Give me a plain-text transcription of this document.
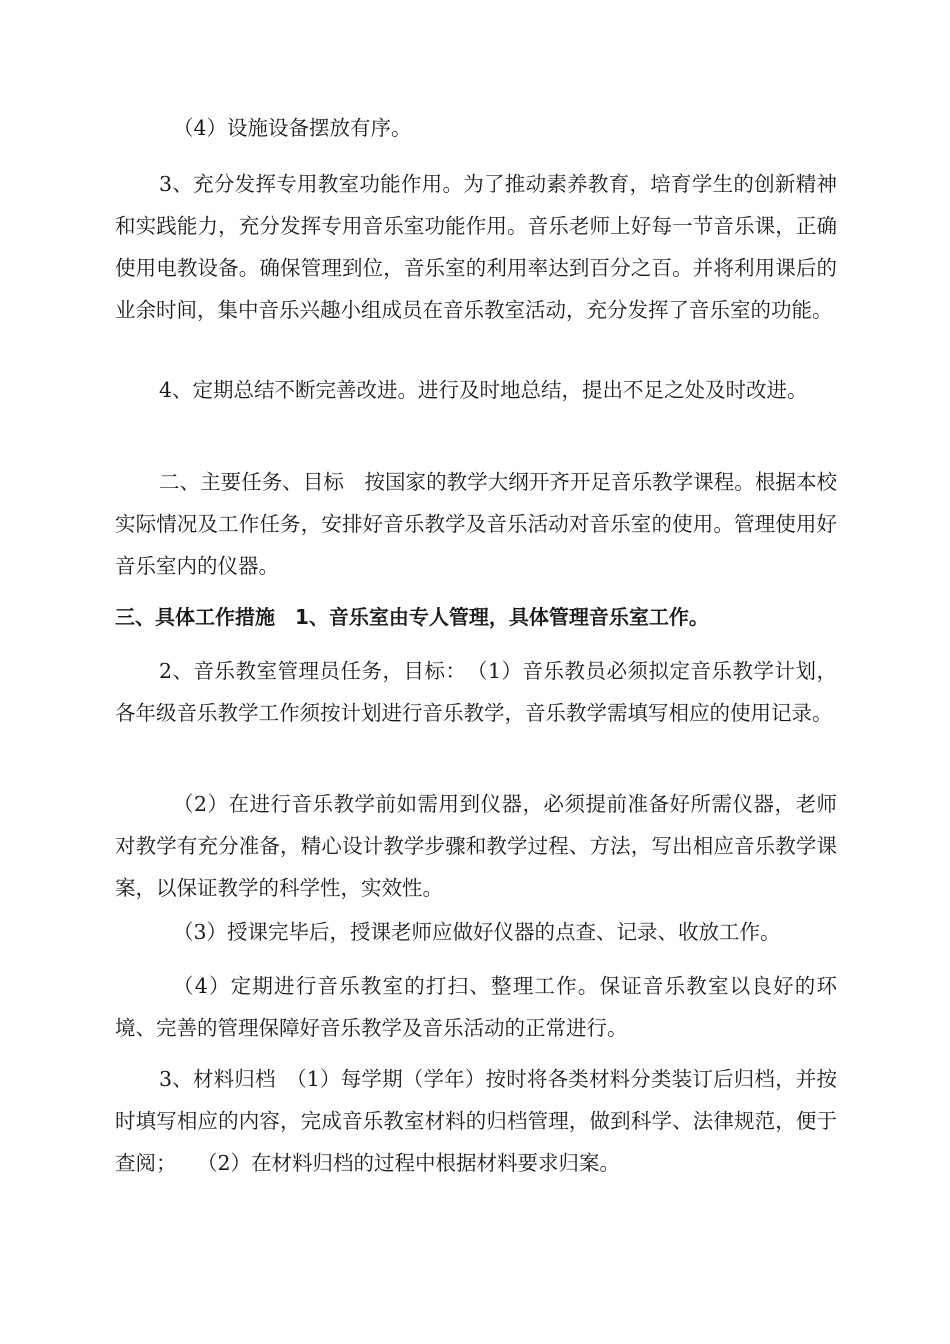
（4）设施设备摆放有序。

3、充分发挥专用教室功能作用。为了推动素养教育，培育学生的创新精神和实践能力，充分发挥专用音乐室功能作用。音乐老师上好每一节音乐课，正确使用电教设备。确保管理到位，音乐室的利用率达到百分之百。并将利用课后的业余时间，集中音乐兴趣小组成员在音乐教室活动，充分发挥了音乐室的功能。

4、定期总结不断完善改进。进行及时地总结，提出不足之处及时改进。

二、主要任务、目标　按国家的教学大纲开齐开足音乐教学课程。根据本校实际情况及工作任务，安排好音乐教学及音乐活动对音乐室的使用。管理使用好音乐室内的仪器。

三、具体工作措施　1、音乐室由专人管理，具体管理音乐室工作。

2、音乐教室管理员任务，目标：　（1）音乐教员必须拟定音乐教学计划，各年级音乐教学工作须按计划进行音乐教学，音乐教学需填写相应的使用记录。

（2）在进行音乐教学前如需用到仪器，必须提前准备好所需仪器，老师对教学有充分准备，精心设计教学步骤和教学过程、方法，写出相应音乐教学课案，以保证教学的科学性，实效性。

（3）授课完毕后，授课老师应做好仪器的点查、记录、收放工作。

（4）定期进行音乐教室的打扫、整理工作。保证音乐教室以良好的环境、完善的管理保障好音乐教学及音乐活动的正常进行。

3、材料归档　（1）每学期（学年）按时将各类材料分类装订后归档，并按时填写相应的内容，完成音乐教室材料的归档管理，做到科学、法律规范，便于查阅；　　（2）在材料归档的过程中根据材料要求归案。
